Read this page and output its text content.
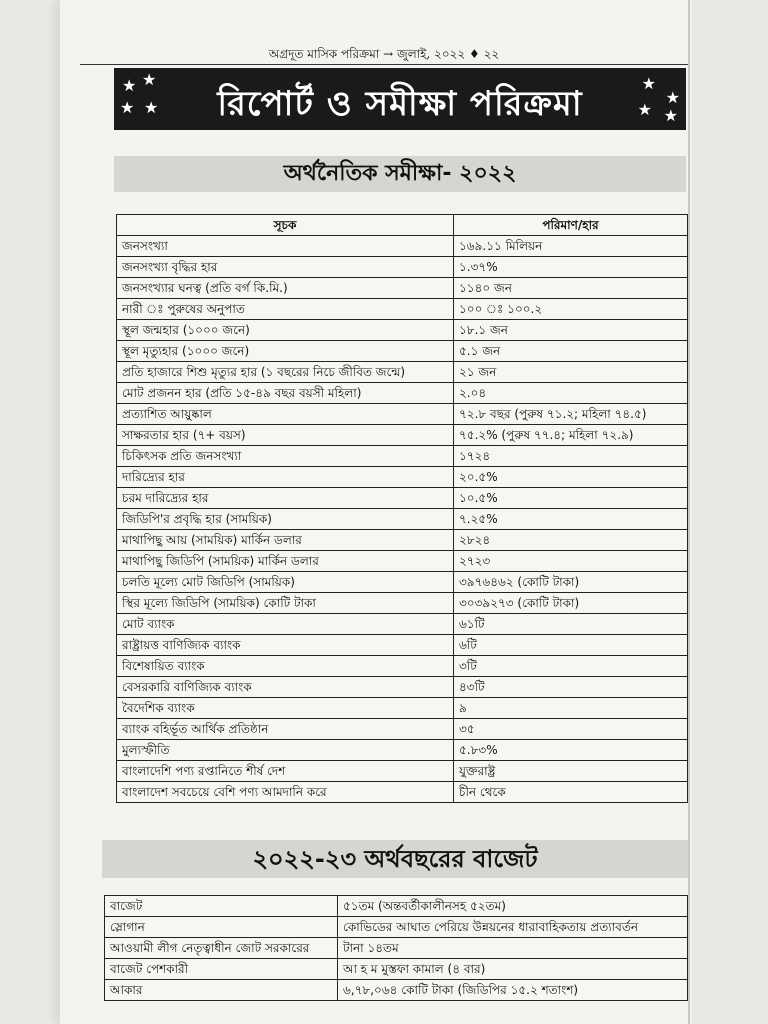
অগ্রদূত মাসিক পরিক্রমা → জুলাই, ২০২২ ♦ ২২
★ ★
★ ★	রিপোর্ট ও সমীক্ষা পরিক্রমা
★
★
★ ★
অর্থনৈতিক সমীক্ষা- ২০২২
সূচক	পরিমাণ/হার
জনসংখ্যা	১৬৯.১১ মিলিয়ন
জনসংখ্যা বৃদ্ধির হার	১.৩৭%
জনসংখ্যার ঘনত্ব (প্রতি বর্গ কি.মি.)	১১৪০ জন
নারী ঃ পুরুষের অনুপাত	১০০ ঃ ১০০.২
স্থূল জন্মহার (১০০০ জনে)	১৮.১ জন
স্থূল মৃত্যুহার (১০০০ জনে)	৫.১ জন
প্রতি হাজারে শিশু মৃত্যুর হার (১ বছরের নিচে জীবিত জন্মে)	২১ জন
মোট প্রজনন হার (প্রতি ১৫-৪৯ বছর বয়সী মহিলা)	২.০৪
প্রত্যাশিত আয়ুষ্কাল	৭২.৮ বছর (পুরুষ ৭১.২; মহিলা ৭৪.৫)
সাক্ষরতার হার (৭+ বয়স)	৭৫.২% (পুরুষ ৭৭.৪; মহিলা ৭২.৯)
চিকিৎসক প্রতি জনসংখ্যা	১৭২৪
দারিদ্র্যের হার	২০.৫%
চরম দারিদ্র্যের হার	১০.৫%
জিডিপি'র প্রবৃদ্ধি হার (সাময়িক)	৭.২৫%
মাথাপিছু আয় (সাময়িক) মার্কিন ডলার	২৮২৪
মাথাপিছু জিডিপি (সাময়িক) মার্কিন ডলার	২৭২৩
চলতি মূল্যে মোট জিডিপি (সাময়িক)	৩৯৭৬৪৬২ (কোটি টাকা)
স্থির মূল্যে জিডিপি (সাময়িক) কোটি টাকা	৩০৩৯২৭৩ (কোটি টাকা)
মোট ব্যাংক	৬১টি
রাষ্ট্রায়ত্ত বাণিজ্যিক ব্যাংক	৬টি
বিশেষায়িত ব্যাংক	৩টি
বেসরকারি বাণিজ্যিক ব্যাংক	৪৩টি
বৈদেশিক ব্যাংক	৯
ব্যাংক বহির্ভূত আর্থিক প্রতিষ্ঠান	৩৫
মুল্যস্ফীতি	৫.৮৩%
বাংলাদেশি পণ্য রপ্তানিতে শীর্ষ দেশ	যুক্তরাষ্ট্র
বাংলাদেশ সবচেয়ে বেশি পণ্য আমদানি করে	চীন থেকে
২০২২-২৩ অর্থবছরের বাজেট
বাজেট	৫১তম (অন্তবর্তীকালীনসহ ৫২তম)
স্লোগান	কোভিডের আঘাত পেরিয়ে উন্নয়নের ধারাবাহিকতায় প্রত্যাবর্তন
আওয়ামী লীগ নেতৃত্বাধীন জোট সরকারের	টানা ১৪তম
বাজেট পেশকারী	আ হ ম মুস্তফা কামাল (৪ বার)
আকার	৬,৭৮,০৬৪ কোটি টাকা (জিডিপির ১৫.২ শতাংশ)
